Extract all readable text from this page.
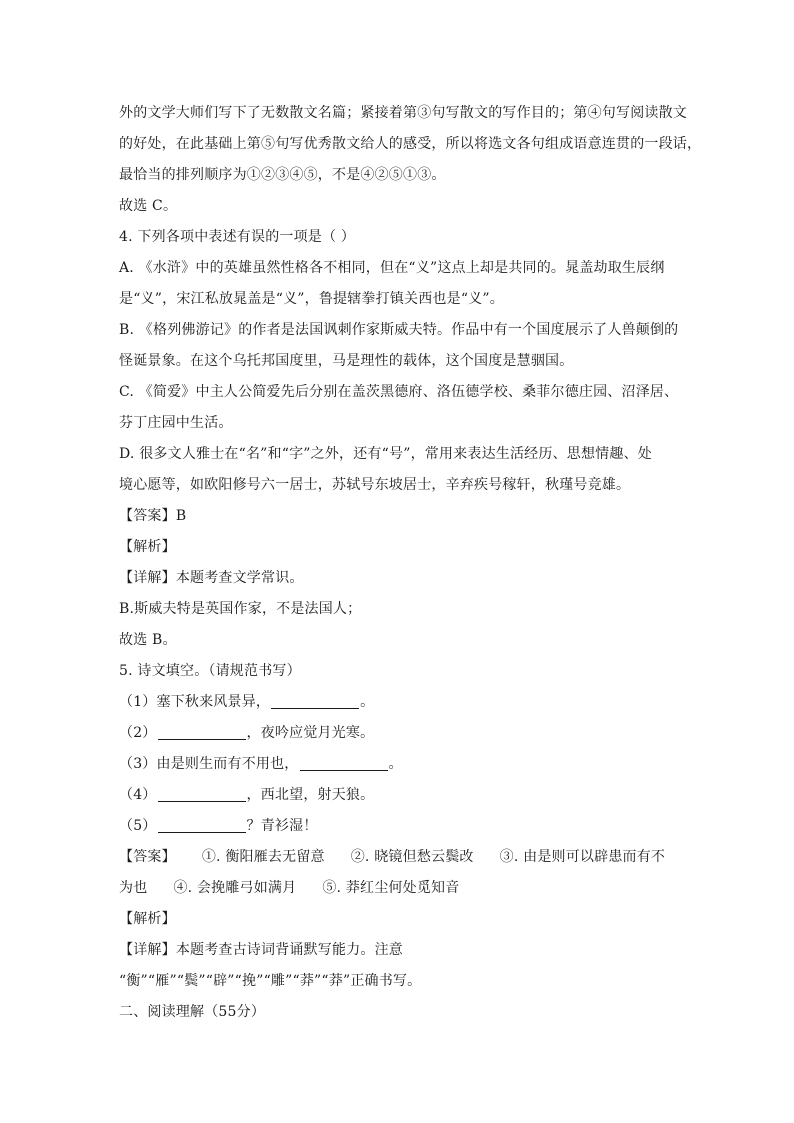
外的文学大师们写下了无数散文名篇；紧接着第③句写散文的写作目的；第④句写阅读散文
的好处，在此基础上第⑤句写优秀散文给人的感受，所以将选文各句组成语意连贯的一段话，
最恰当的排列顺序为①②③④⑤，不是④②⑤①③。
故选 C。
4. 下列各项中表述有误的一项是（ ）
A. 《水浒》中的英雄虽然性格各不相同，但在“义”这点上却是共同的。晁盖劫取生辰纲
是“义”，宋江私放晁盖是“义”，鲁提辖拳打镇关西也是“义”。
B. 《格列佛游记》的作者是法国讽刺作家斯威夫特。作品中有一个国度展示了人兽颠倒的
怪诞景象。在这个乌托邦国度里，马是理性的载体，这个国度是慧骃国。
C. 《简爱》中主人公简爱先后分别在盖茨黑德府、洛伍德学校、桑菲尔德庄园、沼泽居、
芬丁庄园中生活。
D. 很多文人雅士在“名”和“字”之外，还有“号”，常用来表达生活经历、思想情趣、处
境心愿等，如欧阳修号六一居士，苏轼号东坡居士，辛弃疾号稼轩，秋瑾号竞雄。
【答案】B
【解析】
【详解】本题考查文学常识。
B.斯威夫特是英国作家，不是法国人；
故选 B。
5. 诗文填空。（请规范书写）
（1）塞下秋来风景异，	。
（2）	，夜吟应觉月光寒。
（3）由是则生而有不用也，	。
（4）	，西北望，射天狼。
（5）	？青衫湿！
【答案】 ①. 衡阳雁去无留意 ②. 晓镜但愁云鬓改 ③. 由是则可以辟患而有不
为也 ④. 会挽雕弓如满月 ⑤. 莽红尘何处觅知音
【解析】
【详解】本题考查古诗词背诵默写能力。注意
“衡”“雁”“鬓”“辟”“挽”“雕”“莽”“莽”正确书写。
二、阅读理解（55分）
